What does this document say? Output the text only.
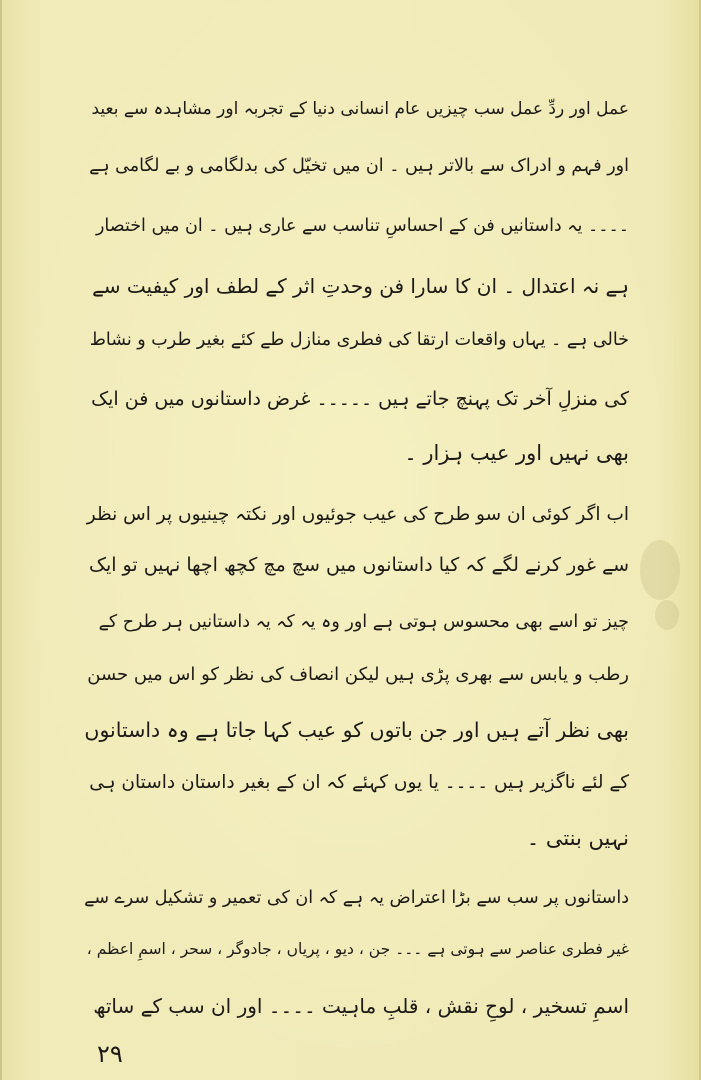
عمل اور ردِّ عمل سب چیزیں عام انسانی دنیا کے تجربہ اور مشاہدہ سے بعید
اور فہم و ادراک سے بالاتر ہیں ۔ ان میں تخیّل کی بدلگامی و بے لگامی ہے
۔۔۔۔ یہ داستانیں فن کے احساسِ تناسب سے عاری ہیں ۔ ان میں اختصار
ہے نہ اعتدال ۔ ان کا سارا فن وحدتِ اثر کے لطف اور کیفیت سے
خالی ہے ۔ یہاں واقعات ارتقا کی فطری منازل طے کئے بغیر طرب و نشاط
کی منزلِ آخر تک پہنچ جاتے ہیں ۔۔۔۔۔ غرض داستانوں میں فن ایک
بھی نہیں اور عیب ہزار ۔
اب اگر کوئی ان سو طرح کی عیب جوئیوں اور نکتہ چینیوں پر اس نظر
سے غور کرنے لگے کہ کیا داستانوں میں سچ مچ کچھ اچھا نہیں تو ایک
چیز تو اسے بھی محسوس ہوتی ہے اور وہ یہ کہ یہ داستانیں ہر طرح کے
رطب و یابس سے بھری پڑی ہیں لیکن انصاف کی نظر کو اس میں حسن
بھی نظر آتے ہیں اور جن باتوں کو عیب کہا جاتا ہے وہ داستانوں
کے لئے ناگزیر ہیں ۔۔۔۔ یا یوں کہئے کہ ان کے بغیر داستان داستان ہی
نہیں بنتی ۔
داستانوں پر سب سے بڑا اعتراض یہ ہے کہ ان کی تعمیر و تشکیل سرے سے
غیر فطری عناصر سے ہوتی ہے ۔۔۔ جن ، دیو ، پریاں ، جادوگر ، سحر ، اسمِ اعظم ،
اسمِ تسخیر ، لوحِ نقش ، قلبِ ماہیت ۔۔۔۔ اور ان سب کے ساتھ
۲۹
